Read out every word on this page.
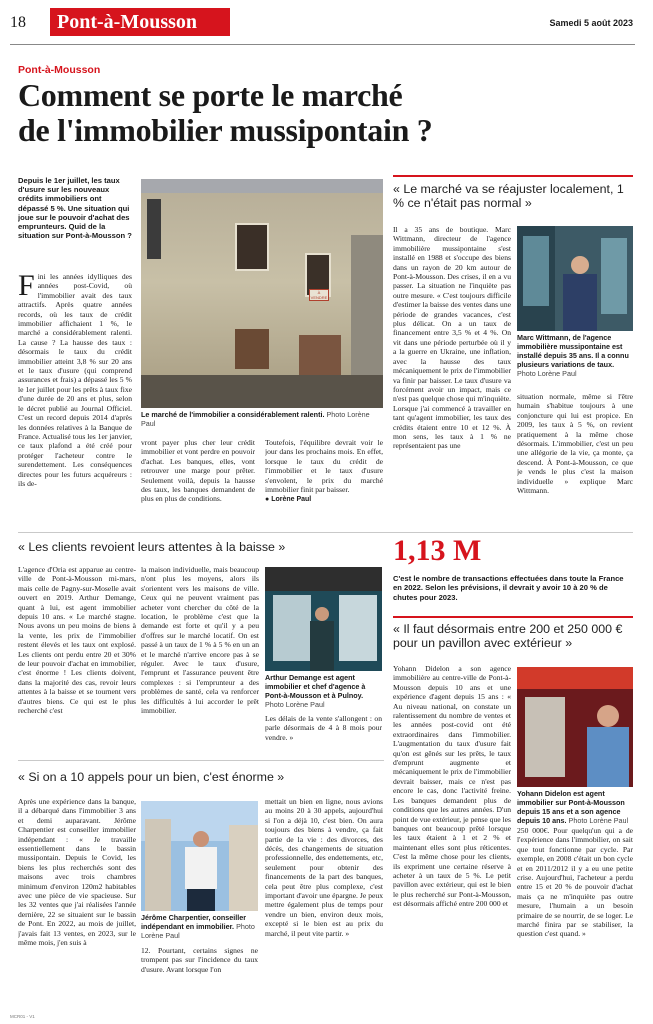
18	Pont-à-Mousson	Samedi 5 août 2023
Pont-à-Mousson
Comment se porte le marché
de l'immobilier mussipontain ?
Depuis le 1er juillet, les taux d'usure sur les nouveaux crédits immobiliers ont dépassé 5 %. Une situation qui joue sur le pouvoir d'achat des emprunteurs. Quid de la situation sur Pont-à-Mousson ?
Fini les années idylliques des années post-Covid, où l'immobilier avait des taux attractifs. Après quatre années records, où les taux de crédit immobilier affichaient 1 %, le marché a considérablement ralenti. La cause ? La hausse des taux : désormais le taux du crédit immobilier atteint 3,8 % sur 20 ans et le taux d'usure (qui comprend assurances et frais) a dépassé les 5 % le 1er juillet pour les prêts à taux fixe d'une durée de 20 ans et plus, selon le décret publié au Journal Officiel. C'est un record depuis 2014 d'après les données relatives à la Banque de France. Actualisé tous les 1er janvier, ce taux plafond a été créé pour protéger l'acheteur contre le surendettement. Les conséquences directes pour les futurs acquéreurs : ils de-
À VENDRE
Le marché de l'immobilier a considérablement ralenti. Photo Lorène Paul
vront payer plus cher leur crédit immobilier et vont perdre en pouvoir d'achat. Les banques, elles, vont retrouver une marge pour prêter. Seulement voilà, depuis la hausse des taux, les banques demandent de plus en plus de conditions.
Toutefois, l'équilibre devrait voir le jour dans les prochains mois. En effet, lorsque le taux du crédit de l'immobilier et le taux d'usure s'envolent, le prix du marché immobilier finit par baisser.
● Lorène Paul
« Le marché va se réajuster localement, 1 % ce n'était pas normal »
Il a 35 ans de boutique. Marc Wittmann, directeur de l'agence immobilière mussipontaine s'est installé en 1988 et s'occupe des biens dans un rayon de 20 km autour de Pont-à-Mousson. Des crises, il en a vu passer. La situation ne l'inquiète pas outre mesure. « C'est toujours difficile d'estimer la baisse des ventes dans une période de grandes vacances, c'est plus délicat. On a un taux de financement entre 3,5 % et 4 %. On vit dans une période perturbée où il y a la guerre en Ukraine, une inflation, avec la hausse des taux mécaniquement le prix de l'immobilier va finir par baisser. Le taux d'usure va forcément avoir un impact, mais ce n'est pas quelque chose qui m'inquiète. Lorsque j'ai commencé à travailler en tant qu'agent immobilier, les taux des crédits étaient entre 10 et 12 %. À mon sens, les taux à 1 % ne représentaient pas une
Marc Wittmann, de l'agence immobilière mussipontaine est installé depuis 35 ans. Il a connu plusieurs variations de taux. Photo Lorène Paul
situation normale, même si l'être humain s'habitue toujours à une conjoncture qui lui est propice. En 2009, les taux à 5 %, on revient pratiquement à la même chose désormais. L'immobilier, c'est un peu une allégorie de la vie, ça monte, ça descend. À Pont-à-Mousson, ce que je vends le plus c'est la maison individuelle » explique Marc Wittmann.
« Les clients revoient leurs attentes à la baisse »
L'agence d'Oria est apparue au centre-ville de Pont-à-Mousson mi-mars, mais celle de Pagny-sur-Moselle avait ouvert en 2019. Arthur Demange, quant à lui, est agent immobilier depuis 10 ans. « Le marché stagne. Nous avons un peu moins de biens à la vente, les prix de l'immobilier restent élevés et les taux ont explosé. Les clients ont perdu entre 20 et 30% de leur pouvoir d'achat en immobilier, c'est énorme ! Les clients doivent, dans la majorité des cas, revoir leurs attentes à la baisse et se tournent vers d'autres biens. Ce qui est le plus recherché c'est
la maison individuelle, mais beaucoup n'ont plus les moyens, alors ils s'orientent vers les maisons de ville. Ceux qui ne peuvent vraiment pas acheter vont chercher du côté de la location, le problème c'est que la demande est forte et qu'il y a peu d'offres sur le marché locatif. On est passé à un taux de 1 % à 5 % en un an et le marché n'arrive encore pas à se réguler. Avec le taux d'usure, l'emprunt et l'assurance peuvent être complexes : si l'emprunteur a des problèmes de santé, cela va renforcer les difficultés à lui accorder le prêt immobilier.
Arthur Demange est agent immobilier et chef d'agence à Pont-à-Mousson et à Pulnoy. Photo Lorène Paul
Les délais de la vente s'allongent : on parle désormais de 4 à 8 mois pour vendre. »
1,13 M
C'est le nombre de transactions effectuées dans toute la France en 2022. Selon les prévisions, il devrait y avoir 10 à 20 % de chutes pour 2023.
« Il faut désormais entre 200 et 250 000 € pour un pavillon avec extérieur »
Yohann Didelon a son agence immobilière au centre-ville de Pont-à-Mousson depuis 10 ans et une expérience d'agent depuis 15 ans : « Au niveau national, on constate un ralentissement du nombre de ventes et les années post-covid ont été extraordinaires dans l'immobilier. L'augmentation du taux d'usure fait qu'on est gênés sur les prêts, le taux d'emprunt augmente et mécaniquement le prix de l'immobilier devrait baisser, mais ce n'est pas encore le cas, donc l'activité freine. Les banques demandent plus de conditions que les autres années. D'un point de vue extérieur, je pense que les banques ont beaucoup prêté lorsque les taux étaient à 1 et 2 % et maintenant elles sont plus réticentes. C'est la même chose pour les clients, ils expriment une certaine réserve à acheter à un taux de 5 %. Le petit pavillon avec extérieur, qui est le bien le plus recherché sur Pont-à-Mousson, est désormais affiché entre 200 000 et
Yohann Didelon est agent immobilier sur Pont-à-Mousson depuis 15 ans et a son agence depuis 10 ans. Photo Lorène Paul
250 000€. Pour quelqu'un qui a de l'expérience dans l'immobilier, on sait que tout fonctionne par cycle. Par exemple, en 2008 c'était un bon cycle et en 2011/2012 il y a eu une petite crise. Aujourd'hui, l'acheteur a perdu entre 15 et 20 % de pouvoir d'achat mais ça ne m'inquiète pas outre mesure, l'humain a un besoin primaire de se nourrir, de se loger. Le marché finira par se stabiliser, la question c'est quand. »
« Si on a 10 appels pour un bien, c'est énorme »
Après une expérience dans la banque, il a débarqué dans l'immobilier 3 ans et demi auparavant. Jérôme Charpentier est conseiller immobilier indépendant : « Je travaille essentiellement dans le bassin mussipontain. Depuis le Covid, les biens les plus recherchés sont des maisons avec trois chambres minimum d'environ 120m2 habitables avec une pièce de vie spacieuse. Sur les 32 ventes que j'ai réalisées l'année dernière, 22 se situaient sur le bassin de Pont. En 2022, au mois de juillet, j'avais fait 13 ventes, en 2023, sur le même mois, j'en suis à
Jérôme Charpentier, conseiller indépendant en immobilier. Photo Lorène Paul
12. Pourtant, certains signes ne trompent pas sur l'incidence du taux d'usure. Avant lorsque l'on
mettait un bien en ligne, nous avions au moins 20 à 30 appels, aujourd'hui si l'on a déjà 10, c'est bien. On aura toujours des biens à vendre, ça fait partie de la vie : des divorces, des décès, des changements de situation professionnelle, des endettements, etc, seulement pour obtenir des financements de la part des banques, cela peut être plus complexe, c'est important d'avoir une épargne. Je peux mettre également plus de temps pour vendre un bien, environ deux mois, excepté si le bien est au prix du marché, il peut vite partir. »
MCR01 - V1
